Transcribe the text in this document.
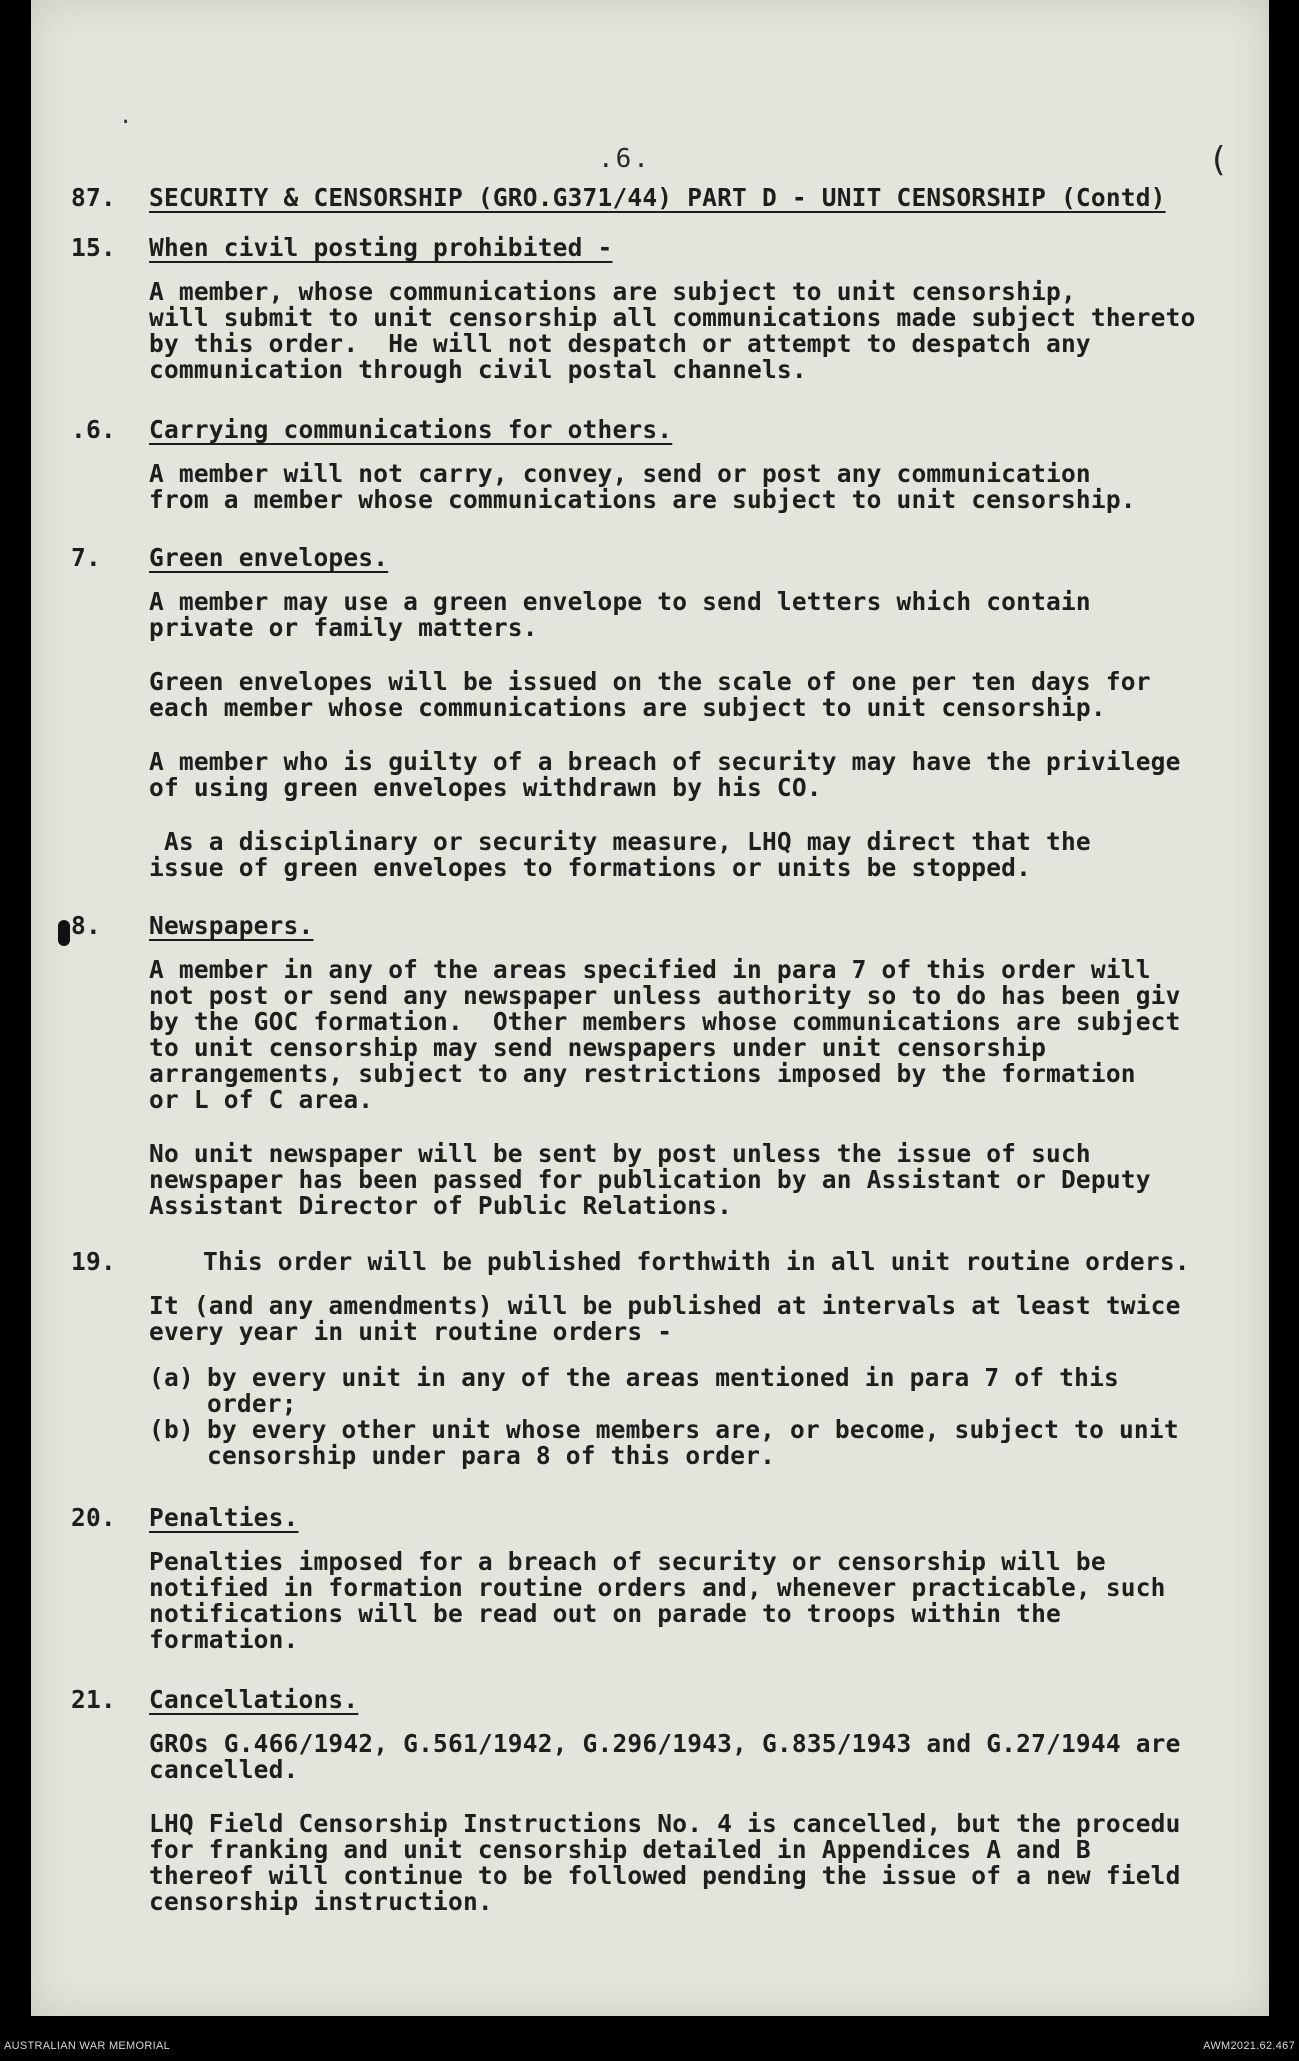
·
.6.	(
87.	SECURITY & CENSORSHIP (GRO.G371/44) PART D - UNIT CENSORSHIP (Contd)
15.	When civil posting prohibited -
A member, whose communications are subject to unit censorship,
will submit to unit censorship all communications made subject thereto
by this order.  He will not despatch or attempt to despatch any
communication through civil postal channels.
.6.	Carrying communications for others.
A member will not carry, convey, send or post any communication
from a member whose communications are subject to unit censorship.
7.	Green envelopes.
A member may use a green envelope to send letters which contain
private or family matters.
Green envelopes will be issued on the scale of one per ten days for
each member whose communications are subject to unit censorship.
A member who is guilty of a breach of security may have the privilege
of using green envelopes withdrawn by his CO.
As a disciplinary or security measure, LHQ may direct that the
issue of green envelopes to formations or units be stopped.
8.	Newspapers.
A member in any of the areas specified in para 7 of this order will
not post or send any newspaper unless authority so to do has been giv
by the GOC formation.  Other members whose communications are subject
to unit censorship may send newspapers under unit censorship
arrangements, subject to any restrictions imposed by the formation
or L of C area.
No unit newspaper will be sent by post unless the issue of such
newspaper has been passed for publication by an Assistant or Deputy
Assistant Director of Public Relations.
19.	This order will be published forthwith in all unit routine orders.
It (and any amendments) will be published at intervals at least twice
every year in unit routine orders -
(a) by every unit in any of the areas mentioned in para 7 of this
order;
(b) by every other unit whose members are, or become, subject to unit
censorship under para 8 of this order.
20.	Penalties.
Penalties imposed for a breach of security or censorship will be
notified in formation routine orders and, whenever practicable, such
notifications will be read out on parade to troops within the
formation.
21.	Cancellations.
GROs G.466/1942, G.561/1942, G.296/1943, G.835/1943 and G.27/1944 are
cancelled.
LHQ Field Censorship Instructions No. 4 is cancelled, but the procedu
for franking and unit censorship detailed in Appendices A and B
thereof will continue to be followed pending the issue of a new field
censorship instruction.
AUSTRALIAN WAR MEMORIAL	AWM2021.62.467
